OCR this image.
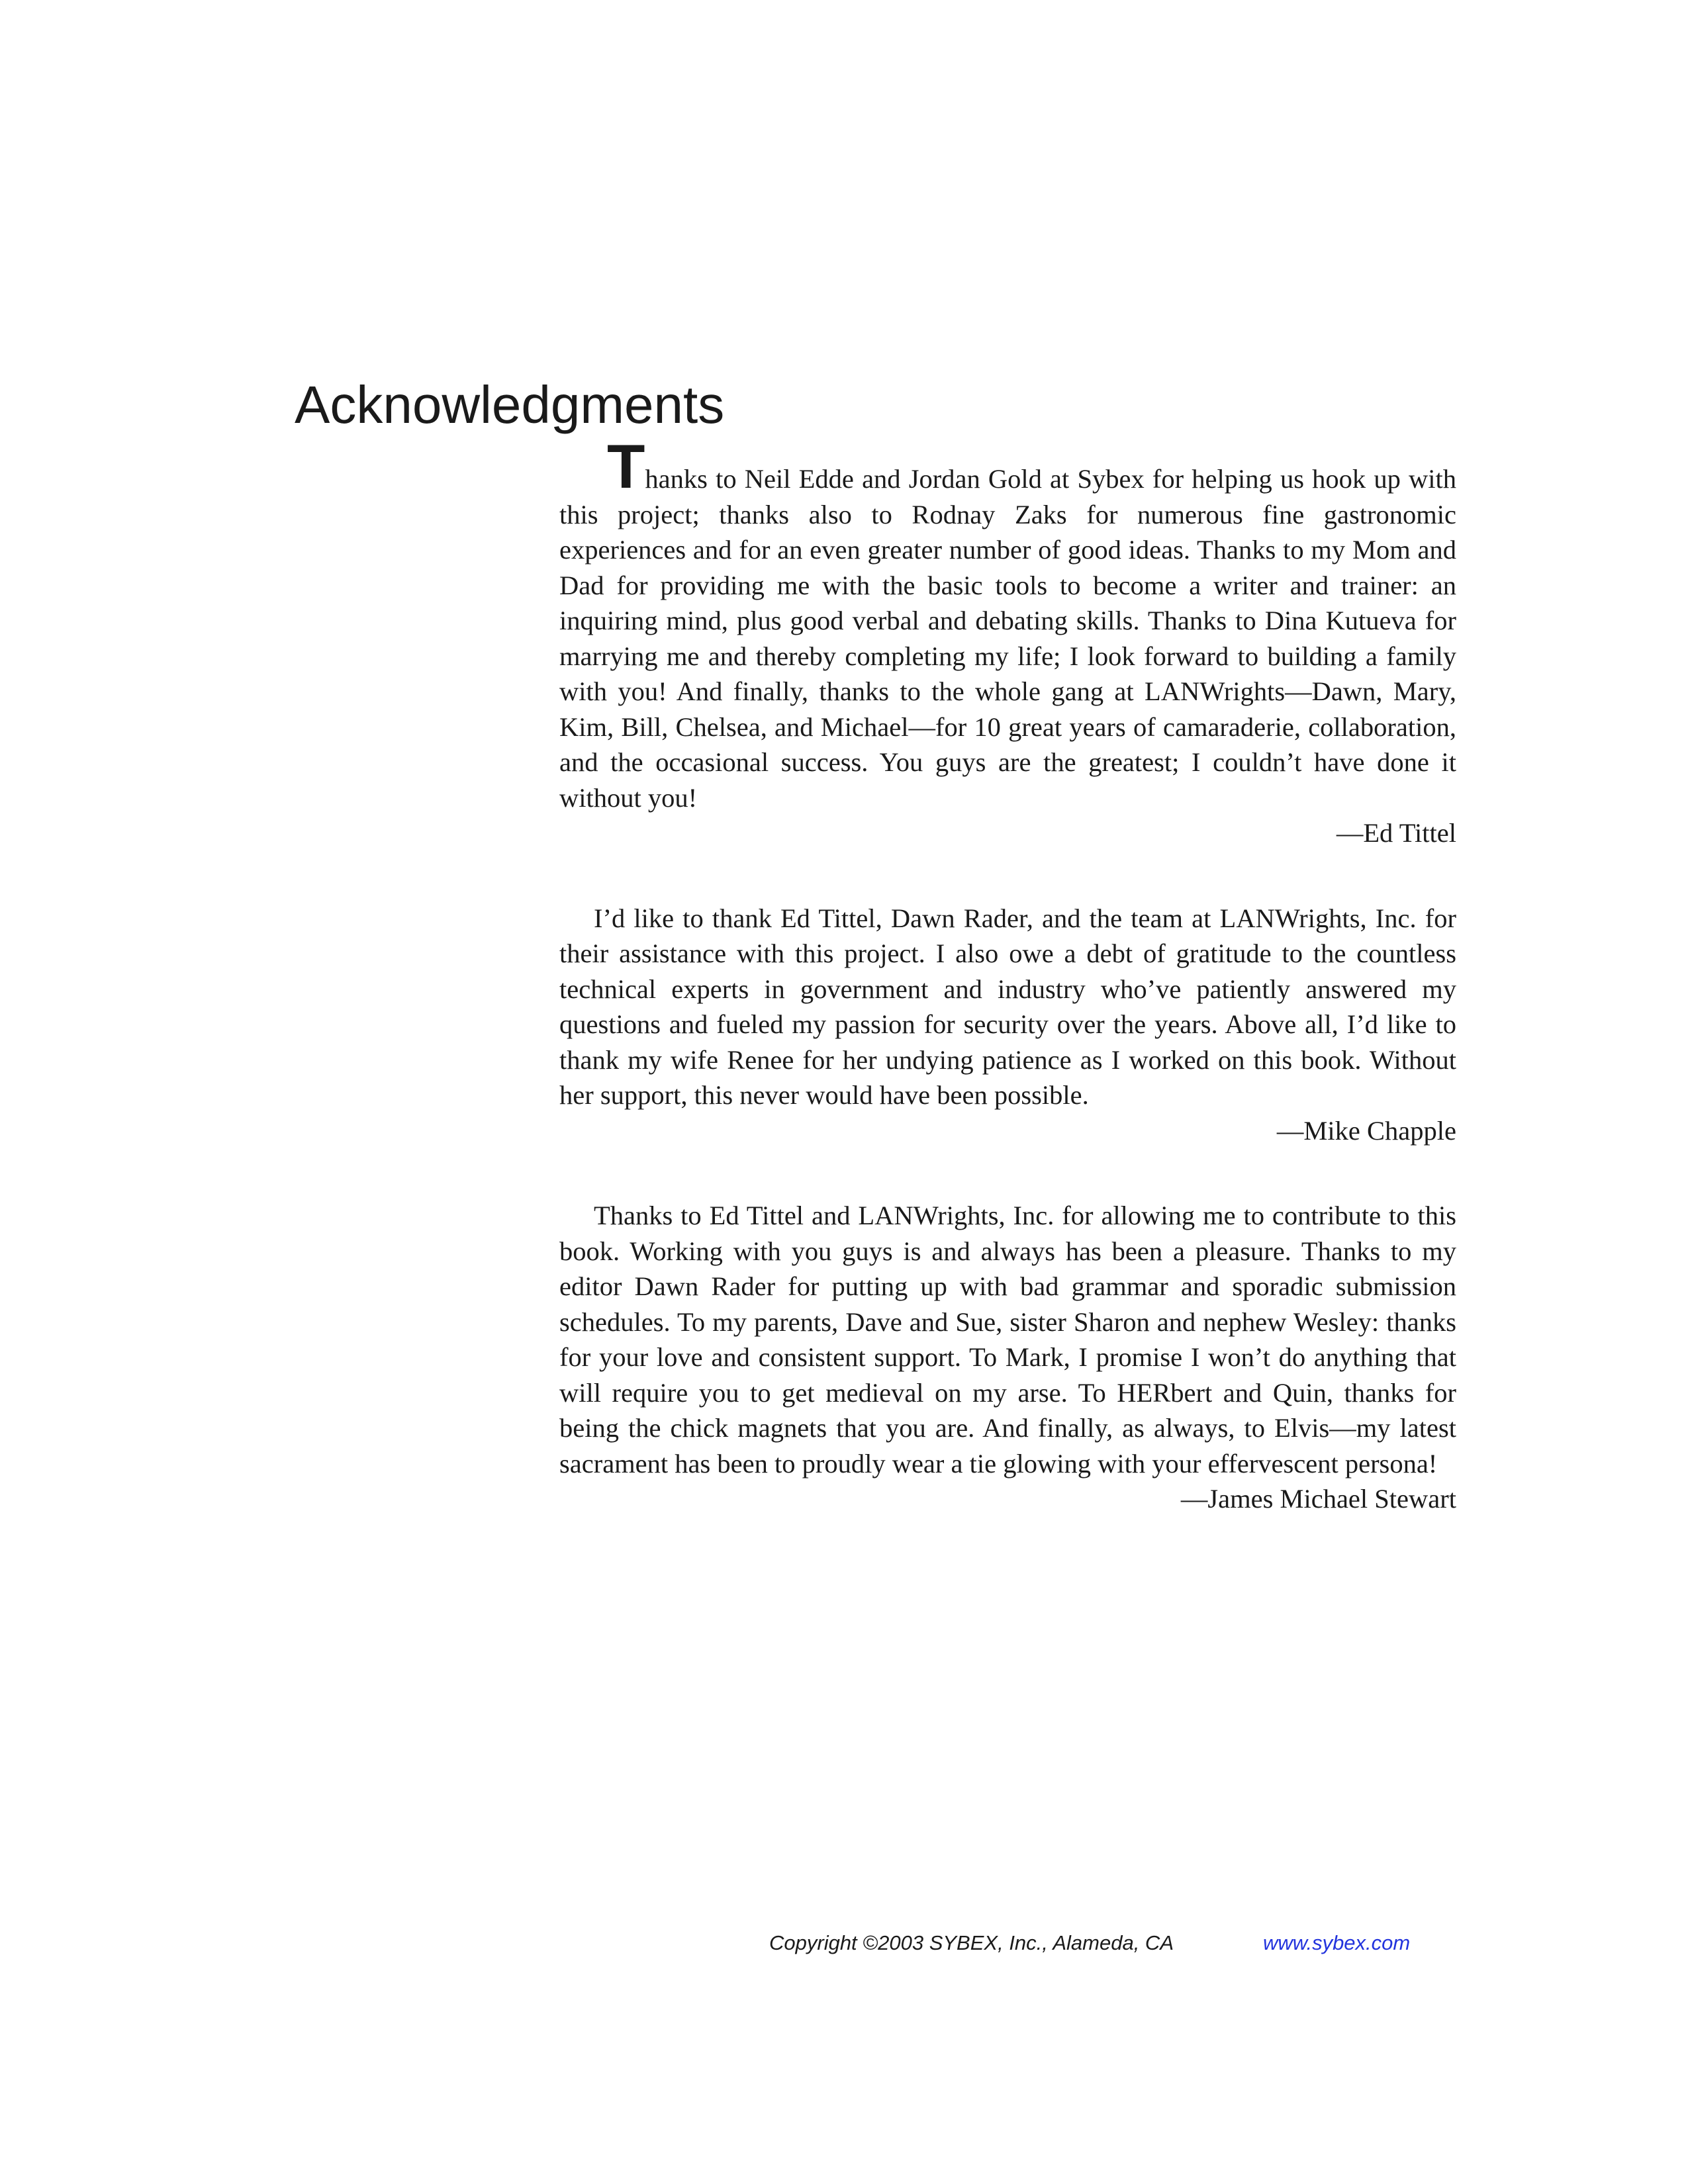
Acknowledgments

Thanks to Neil Edde and Jordan Gold at Sybex for helping us hook up with this project; thanks also to Rodnay Zaks for numerous fine gastronomic experiences and for an even greater number of good ideas. Thanks to my Mom and Dad for providing me with the basic tools to become a writer and trainer: an inquiring mind, plus good verbal and debating skills. Thanks to Dina Kutueva for marrying me and thereby completing my life; I look forward to building a family with you! And finally, thanks to the whole gang at LANWrights—Dawn, Mary, Kim, Bill, Chelsea, and Michael—for 10 great years of camaraderie, collaboration, and the occasional success. You guys are the greatest; I couldn’t have done it without you!

—Ed Tittel

I’d like to thank Ed Tittel, Dawn Rader, and the team at LANWrights, Inc. for their assistance with this project. I also owe a debt of gratitude to the countless technical experts in government and industry who’ve patiently answered my questions and fueled my passion for security over the years. Above all, I’d like to thank my wife Renee for her undying patience as I worked on this book. Without her support, this never would have been possible.

—Mike Chapple

Thanks to Ed Tittel and LANWrights, Inc. for allowing me to contribute to this book. Working with you guys is and always has been a pleasure. Thanks to my editor Dawn Rader for putting up with bad grammar and sporadic submission schedules. To my parents, Dave and Sue, sister Sharon and nephew Wesley: thanks for your love and consistent support. To Mark, I promise I won’t do anything that will require you to get medieval on my arse. To HERbert and Quin, thanks for being the chick magnets that you are. And finally, as always, to Elvis—my latest sacrament has been to proudly wear a tie glowing with your effervescent persona!

—James Michael Stewart

Copyright ©2003 SYBEX, Inc., Alameda, CA	www.sybex.com
